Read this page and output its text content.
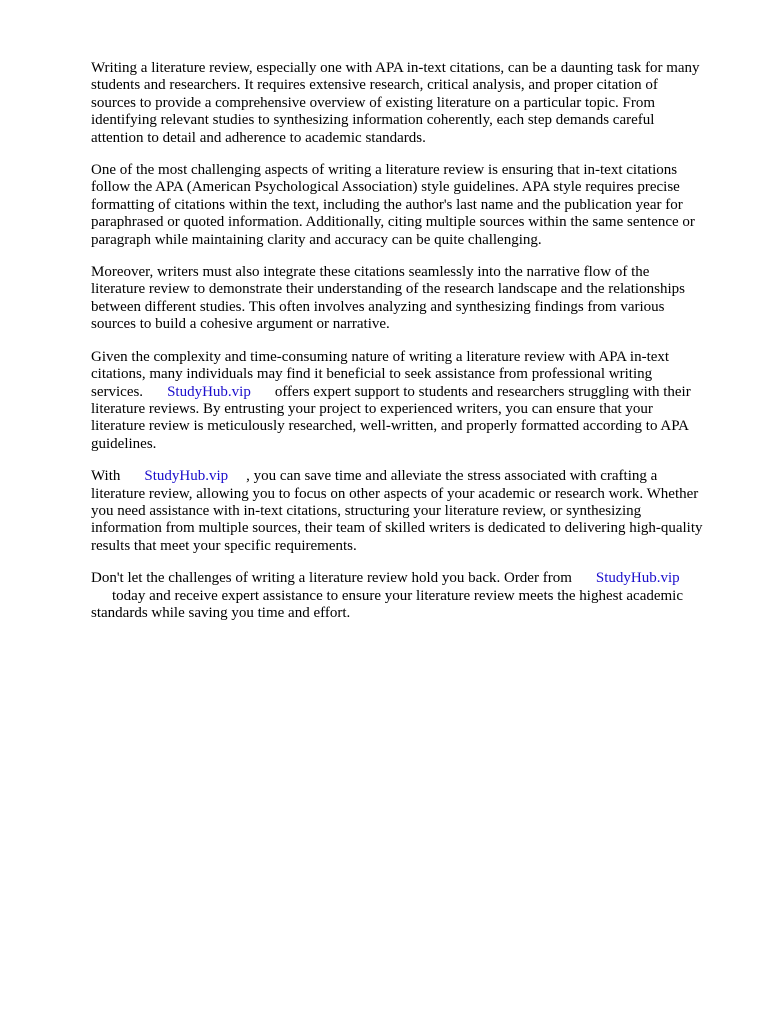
Writing a literature review, especially one with APA in-text citations, can be a daunting task for many
students and researchers. It requires extensive research, critical analysis, and proper citation of
sources to provide a comprehensive overview of existing literature on a particular topic. From
identifying relevant studies to synthesizing information coherently, each step demands careful
attention to detail and adherence to academic standards.

One of the most challenging aspects of writing a literature review is ensuring that in-text citations
follow the APA (American Psychological Association) style guidelines. APA style requires precise
formatting of citations within the text, including the author's last name and the publication year for
paraphrased or quoted information. Additionally, citing multiple sources within the same sentence or
paragraph while maintaining clarity and accuracy can be quite challenging.

Moreover, writers must also integrate these citations seamlessly into the narrative flow of the
literature review to demonstrate their understanding of the research landscape and the relationships
between different studies. This often involves analyzing and synthesizing findings from various
sources to build a cohesive argument or narrative.

Given the complexity and time-consuming nature of writing a literature review with APA in-text
citations, many individuals may find it beneficial to seek assistance from professional writing
services. StudyHub.vip offers expert support to students and researchers struggling with their
literature reviews. By entrusting your project to experienced writers, you can ensure that your
literature review is meticulously researched, well-written, and properly formatted according to APA
guidelines.

With StudyHub.vip , you can save time and alleviate the stress associated with crafting a
literature review, allowing you to focus on other aspects of your academic or research work. Whether
you need assistance with in-text citations, structuring your literature review, or synthesizing
information from multiple sources, their team of skilled writers is dedicated to delivering high-quality
results that meet your specific requirements.

Don't let the challenges of writing a literature review hold you back. Order from StudyHub.vip
today and receive expert assistance to ensure your literature review meets the highest academic
standards while saving you time and effort.
